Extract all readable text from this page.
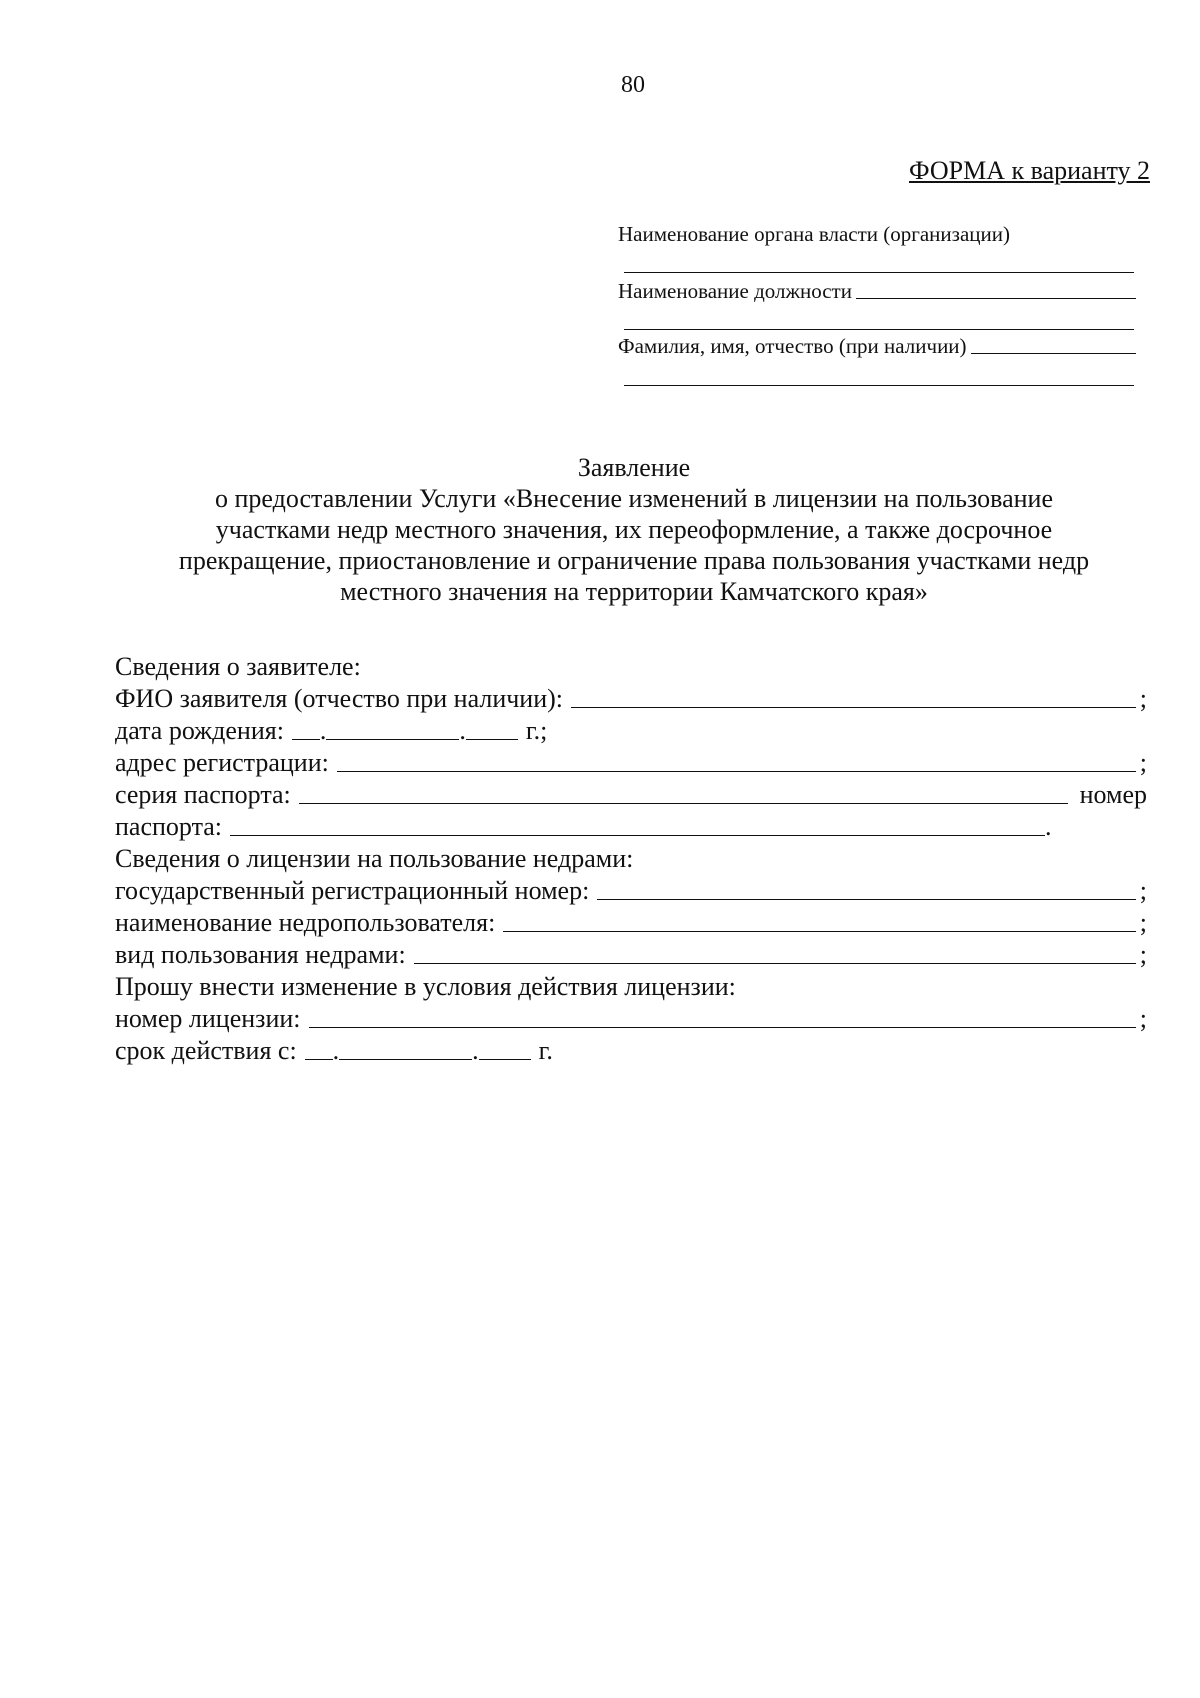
80
ФОРМА к варианту 2
Наименование органа власти (организации)
Наименование должности
Фамилия, имя, отчество (при наличии)
Заявление
о предоставлении Услуги «Внесение изменений в лицензии на пользование
участками недр местного значения, их переоформление, а также досрочное
прекращение, приостановление и ограничение права пользования участками недр
местного значения на территории Камчатского края»
Сведения о заявителе:
ФИО заявителя (отчество при наличии):	;
дата рождения: .	. г.;
адрес регистрации:	;
серия паспорта:	номер
паспорта:	.
Сведения о лицензии на пользование недрами:
государственный регистрационный номер:	;
наименование недропользователя:	;
вид пользования недрами:	;
Прошу внести изменение в условия действия лицензии:
номер лицензии:	;
срок действия с: .	. г.
